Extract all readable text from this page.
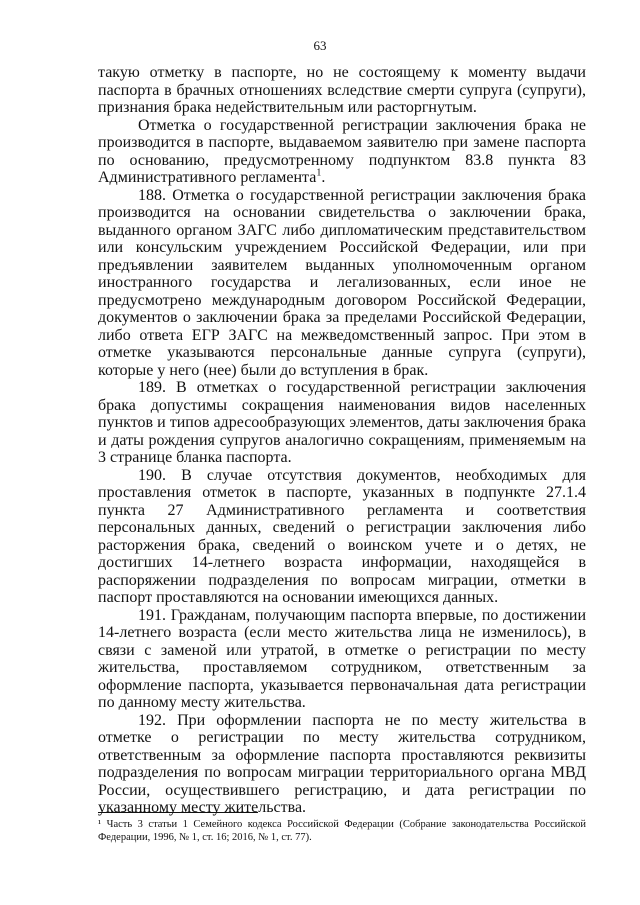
63

такую отметку в паспорте, но не состоящему к моменту выдачи паспорта в брачных отношениях вследствие смерти супруга (супруги), признания брака недействительным или расторгнутым.

Отметка о государственной регистрации заключения брака не производится в паспорте, выдаваемом заявителю при замене паспорта по основанию, предусмотренному подпунктом 83.8 пункта 83 Административного регламента$^1$.

188. Отметка о государственной регистрации заключения брака производится на основании свидетельства о заключении брака, выданного органом ЗАГС либо дипломатическим представительством или консульским учреждением Российской Федерации, или при предъявлении заявителем выданных уполномоченным органом иностранного государства и легализованных, если иное не предусмотрено международным договором Российской Федерации, документов о заключении брака за пределами Российской Федерации, либо ответа ЕГР ЗАГС на межведомственный запрос. При этом в отметке указываются персональные данные супруга (супруги), которые у него (нее) были до вступления в брак.

189. В отметках о государственной регистрации заключения брака допустимы сокращения наименования видов населенных пунктов и типов адресообразующих элементов, даты заключения брака и даты рождения супругов аналогично сокращениям, применяемым на 3 странице бланка паспорта.

190. В случае отсутствия документов, необходимых для проставления отметок в паспорте, указанных в подпункте 27.1.4 пункта 27 Административного регламента и соответствия персональных данных, сведений о регистрации заключения либо расторжения брака, сведений о воинском учете и о детях, не достигших 14-летнего возраста информации, находящейся в распоряжении подразделения по вопросам миграции, отметки в паспорт проставляются на основании имеющихся данных.

191. Гражданам, получающим паспорта впервые, по достижении 14-летнего возраста (если место жительства лица не изменилось), в связи с заменой или утратой, в отметке о регистрации по месту жительства, проставляемом сотрудником, ответственным за оформление паспорта, указывается первоначальная дата регистрации по данному месту жительства.

192. При оформлении паспорта не по месту жительства в отметке о регистрации по месту жительства сотрудником, ответственным за оформление паспорта проставляются реквизиты подразделения по вопросам миграции территориального органа МВД России, осуществившего регистрацию, и дата регистрации по указанному месту жительства.

¹ Часть 3 статьи 1 Семейного кодекса Российской Федерации (Собрание законодательства Российской Федерации, 1996, № 1, ст. 16; 2016, № 1, ст. 77).
